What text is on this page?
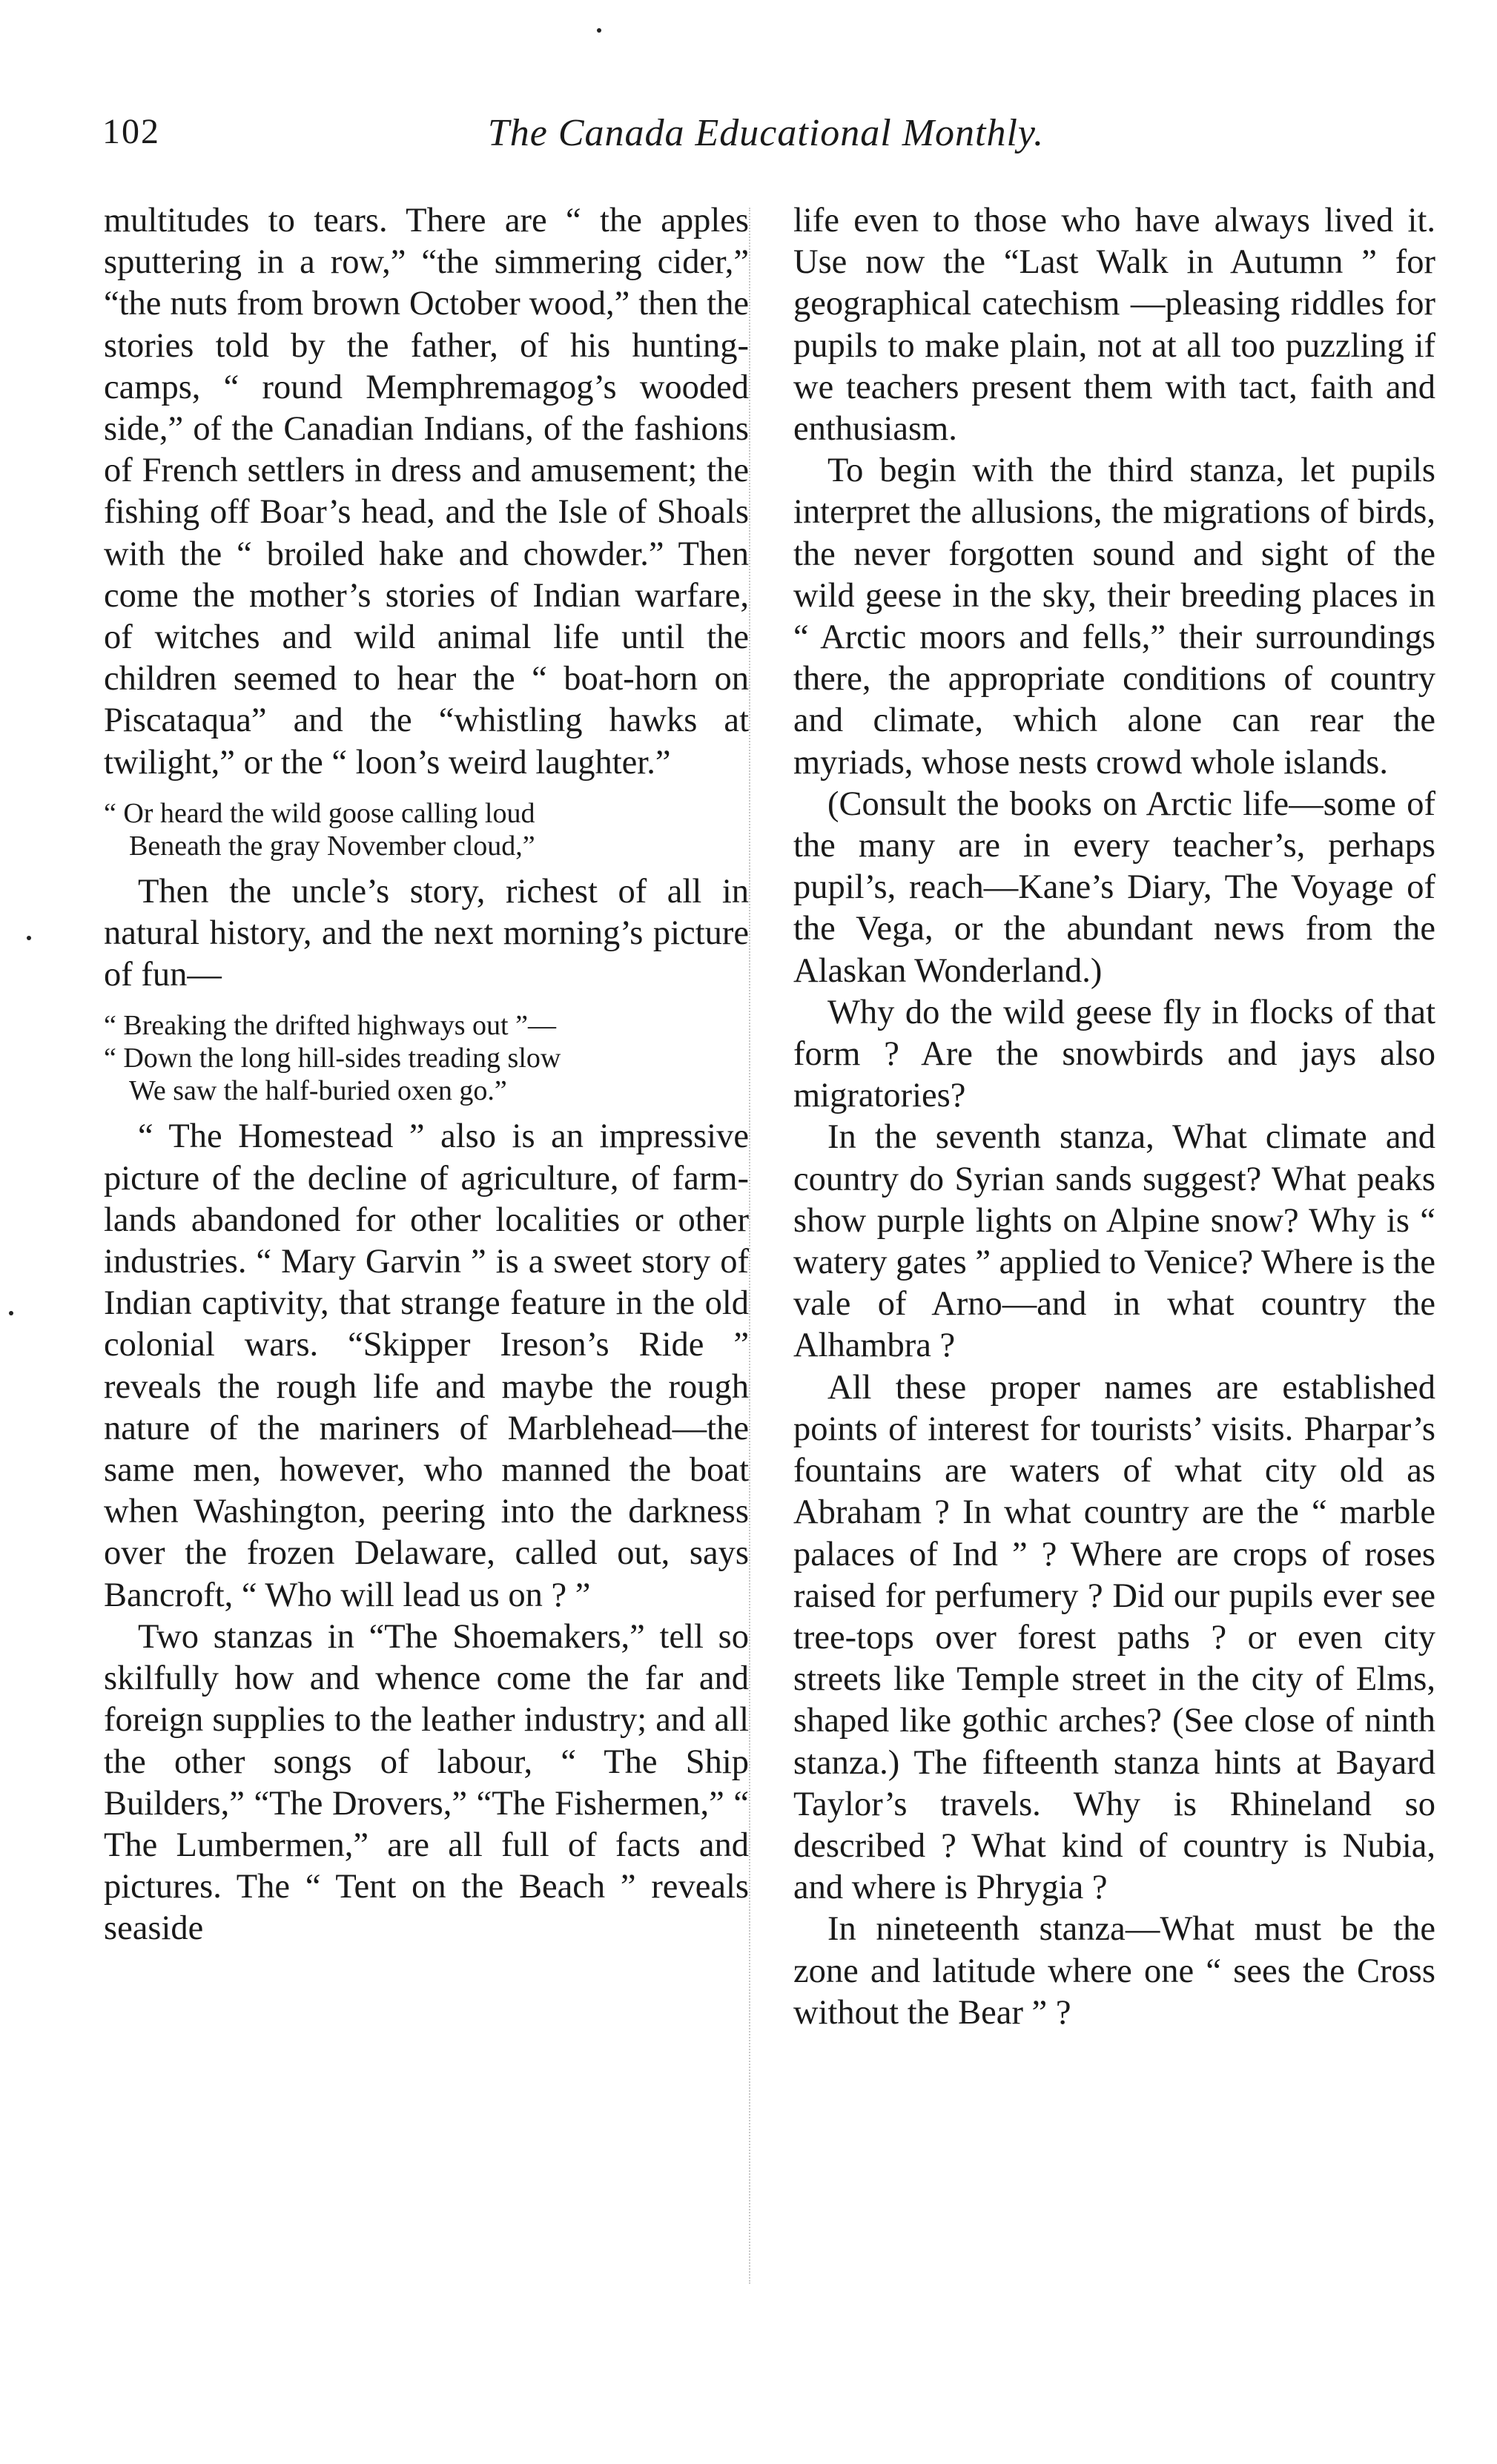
102	The Canada Educational Monthly.

multitudes to tears. There are “ the apples sputtering in a row,” “the simmering cider,” “the nuts from brown October wood,” then the stories told by the father, of his hunting-camps, “ round Memphremagog’s wooded side,” of the Canadian Indians, of the fashions of French settlers in dress and amusement; the fishing off Boar’s head, and the Isle of Shoals with the “ broiled hake and chowder.” Then come the mother’s stories of Indian warfare, of witches and wild animal life until the children seemed to hear the “ boat-horn on Piscataqua” and the “whistling hawks at twilight,” or the “ loon’s weird laughter.”

“ Or heard the wild goose calling loud
Beneath the gray November cloud,”

Then the uncle’s story, richest of all in natural history, and the next morning’s picture of fun—

“ Breaking the drifted highways out ”—
“ Down the long hill-sides treading slow
We saw the half-buried oxen go.”

“ The Homestead ” also is an impressive picture of the decline of agriculture, of farm-lands abandoned for other localities or other industries. “ Mary Garvin ” is a sweet story of Indian captivity, that strange feature in the old colonial wars. “Skipper Ireson’s Ride ” reveals the rough life and maybe the rough nature of the mariners of Marblehead—the same men, however, who manned the boat when Washington, peering into the darkness over the frozen Delaware, called out, says Bancroft, “ Who will lead us on ? ”

Two stanzas in “The Shoemakers,” tell so skilfully how and whence come the far and foreign supplies to the leather industry; and all the other songs of labour, “ The Ship Builders,” “The Drovers,” “The Fishermen,” “ The Lumbermen,” are all full of facts and pictures. The “ Tent on the Beach ” reveals seaside

life even to those who have always lived it. Use now the “Last Walk in Autumn ” for geographical catechism —pleasing riddles for pupils to make plain, not at all too puzzling if we teachers present them with tact, faith and enthusiasm.

To begin with the third stanza, let pupils interpret the allusions, the migrations of birds, the never forgotten sound and sight of the wild geese in the sky, their breeding places in “ Arctic moors and fells,” their surroundings there, the appropriate conditions of country and climate, which alone can rear the myriads, whose nests crowd whole islands.

(Consult the books on Arctic life—some of the many are in every teacher’s, perhaps pupil’s, reach—Kane’s Diary, The Voyage of the Vega, or the abundant news from the Alaskan Wonderland.)

Why do the wild geese fly in flocks of that form ? Are the snowbirds and jays also migratories?

In the seventh stanza, What climate and country do Syrian sands suggest? What peaks show purple lights on Alpine snow? Why is “ watery gates ” applied to Venice? Where is the vale of Arno—and in what country the Alhambra ?

All these proper names are established points of interest for tourists’ visits. Pharpar’s fountains are waters of what city old as Abraham ? In what country are the “ marble palaces of Ind ” ? Where are crops of roses raised for perfumery ? Did our pupils ever see tree-tops over forest paths ? or even city streets like Temple street in the city of Elms, shaped like gothic arches? (See close of ninth stanza.) The fifteenth stanza hints at Bayard Taylor’s travels. Why is Rhineland so described ? What kind of country is Nubia, and where is Phrygia ?

In nineteenth stanza—What must be the zone and latitude where one “ sees the Cross without the Bear ” ?
